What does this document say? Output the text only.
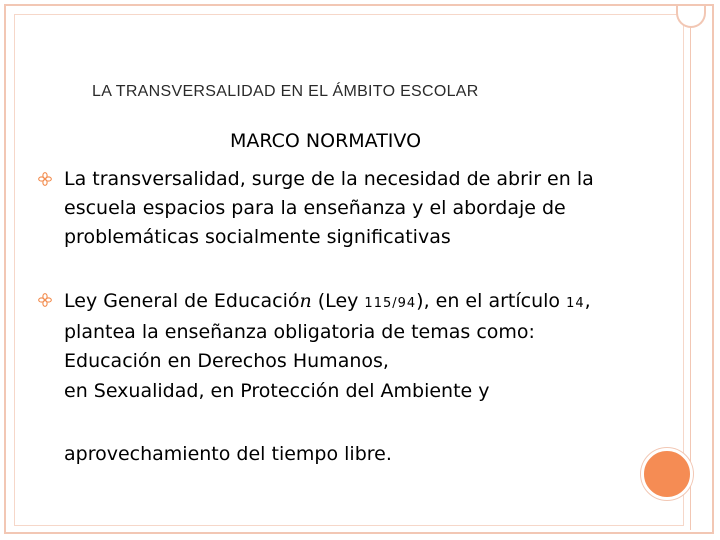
LA TRANSVERSALIDAD EN EL ÁMBITO ESCOLAR
MARCO NORMATIVO
La transversalidad, surge de la necesidad de abrir en la escuela espacios para la enseñanza y el abordaje de problemáticas socialmente significativas
Ley General de Educación (Ley 115/94), en el artículo 14, plantea la enseñanza obligatoria de temas como: Educación en Derechos Humanos,
en Sexualidad, en Protección del Ambiente y
aprovechamiento del tiempo libre.
